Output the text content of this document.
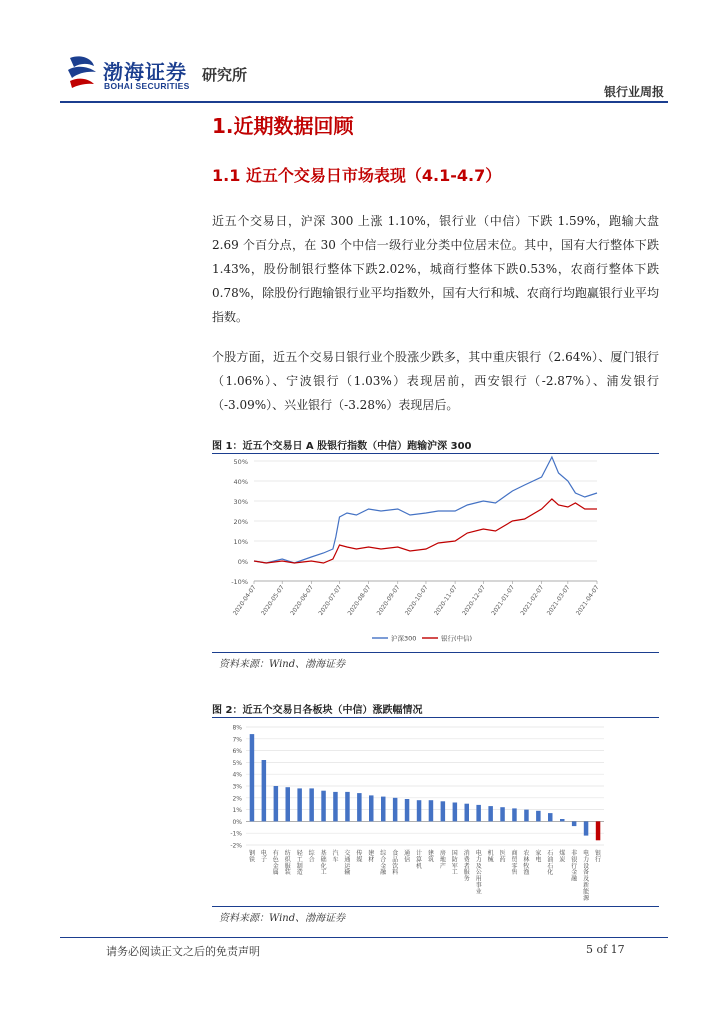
渤海证券
BOHAI SECURITIES
研究所
银行业周报
1.近期数据回顾
1.1 近五个交易日市场表现（4.1-4.7）
近五个交易日，沪深 300 上涨 1.10%，银行业（中信）下跌 1.59%，跑输大盘 2.69 个百分点，在 30 个中信一级行业分类中位居末位。其中，国有大行整体下跌1.43%，股份制银行整体下跌2.02%，城商行整体下跌0.53%，农商行整体下跌 0.78%，除股份行跑输银行业平均指数外，国有大行和城、农商行均跑赢银行业平均指数。
个股方面，近五个交易日银行业个股涨少跌多，其中重庆银行（2.64%）、厦门银行（1.06%）、宁波银行（1.03%）表现居前，西安银行（-2.87%）、浦发银行（-3.09%）、兴业银行（-3.28%）表现居后。
图 1：近五个交易日 A 股银行指数（中信）跑输沪深 300
-10%
0%
10%
20%
30%
40%
50%
2020-04-07 2020-05-07 2020-06-07 2020-07-07 2020-08-07 2020-09-07 2020-10-07 2020-11-07 2020-12-07 2021-01-07 2021-02-07 2021-03-07 2021-04-07
沪深300	银行(中信)
资料来源：Wind、渤海证券
图 2：近五个交易日各板块（中信）涨跌幅情况
-2%
-1%
0%
1%
2%
3%
4%
5%
6%
7%
8%
钢铁
电子
有色金属
纺织服装
轻工制造
综合
基础化工
汽车
交通运输
传媒
建材
综合金融
食品饮料
通信
计算机
建筑
房地产
国防军工
消费者服务
电力及公用事业
机械
医药
商贸零售
农林牧渔
家电
石油石化
煤炭
非银行金融
电力设备及新能源
银行
资料来源：Wind、渤海证券
请务必阅读正文之后的免责声明	5 of 17
